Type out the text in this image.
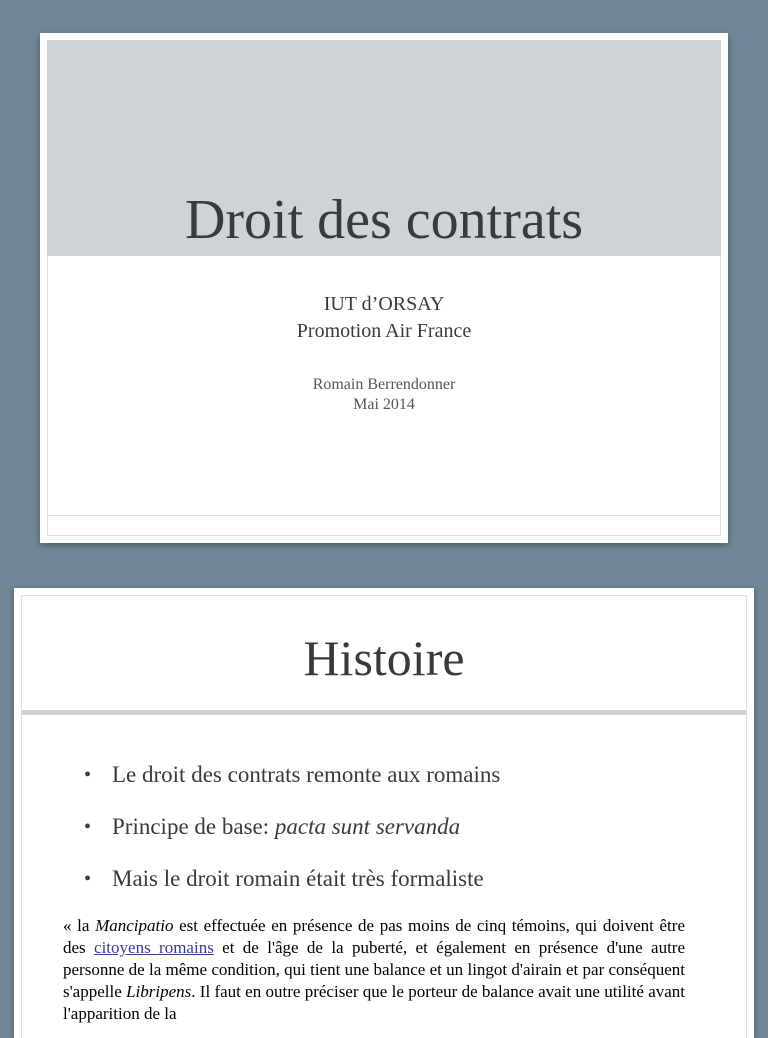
Droit des contrats
IUT d’ORSAY
Promotion Air France
Romain Berrendonner
Mai 2014
Histoire
• Le droit des contrats remonte aux romains
• Principe de base: pacta sunt servanda
• Mais le droit romain était très formaliste
« la Mancipatio est effectuée en présence de pas moins de cinq témoins, qui doivent être des citoyens romains et de l'âge de la puberté, et également en présence d'une autre personne de la même condition, qui tient une balance et un lingot d'airain et par conséquent s'appelle Libripens. Il faut en outre préciser que le porteur de balance avait une utilité avant l'apparition de la
